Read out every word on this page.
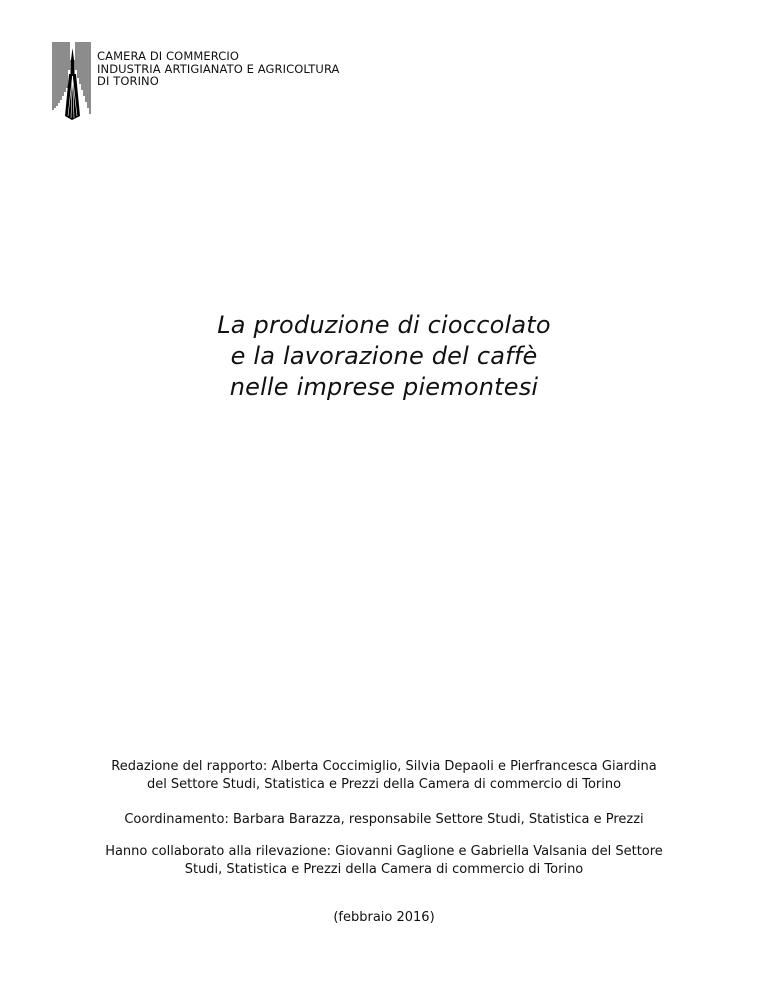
CAMERA DI COMMERCIO
INDUSTRIA ARTIGIANATO E AGRICOLTURA
DI TORINO
La produzione di cioccolato
e la lavorazione del caffè
nelle imprese piemontesi
Redazione del rapporto: Alberta Coccimiglio, Silvia Depaoli e Pierfrancesca Giardina
del Settore Studi, Statistica e Prezzi della Camera di commercio di Torino
Coordinamento: Barbara Barazza, responsabile Settore Studi, Statistica e Prezzi
Hanno collaborato alla rilevazione: Giovanni Gaglione e Gabriella Valsania del Settore
Studi, Statistica e Prezzi della Camera di commercio di Torino
(febbraio 2016)
